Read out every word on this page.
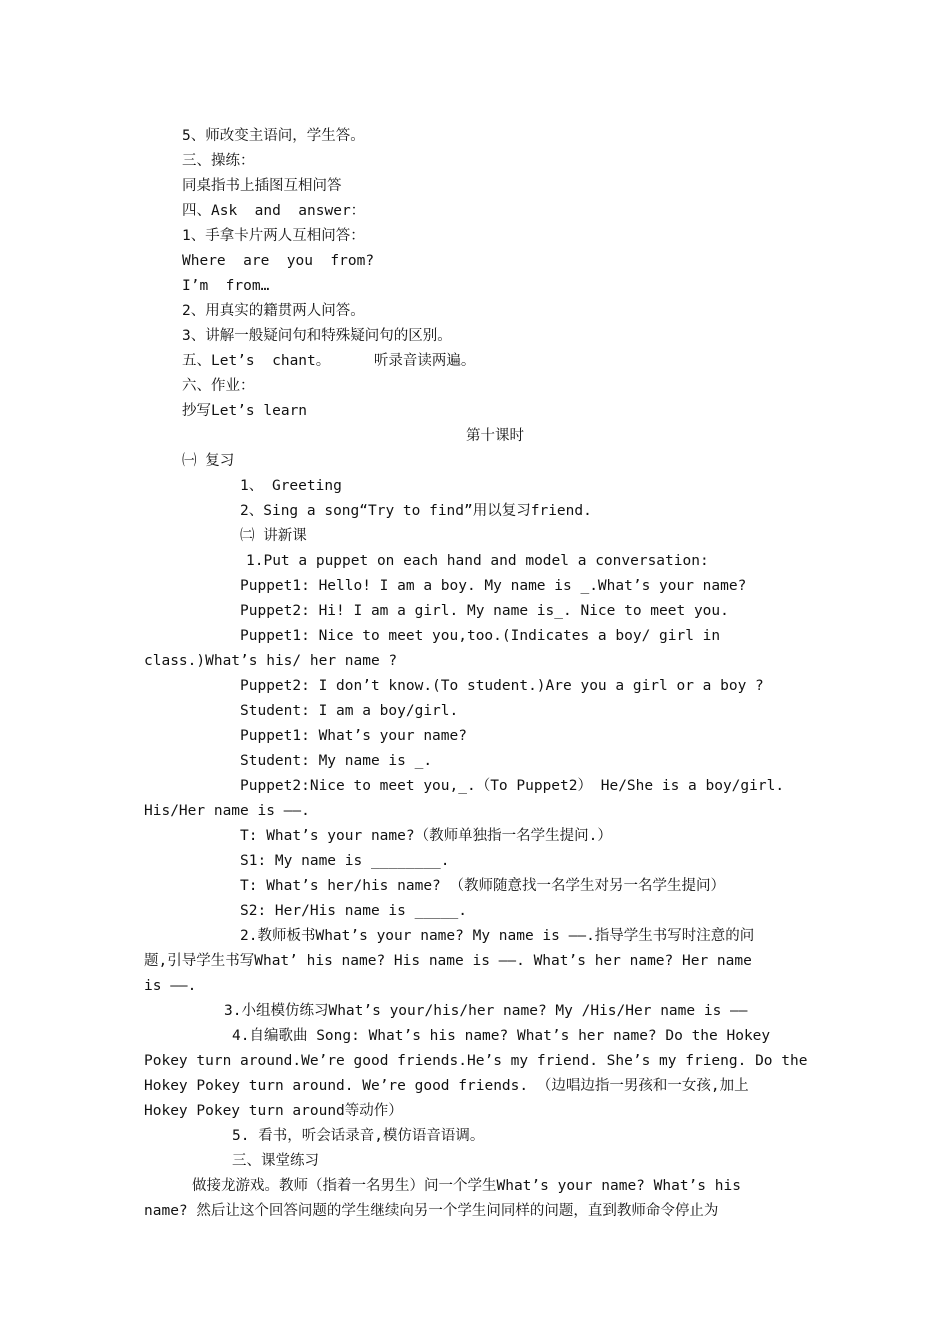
5、师改变主语问，学生答。
三、操练：
同桌指书上插图互相问答
四、Ask  and  answer：
1、手拿卡片两人互相问答：
Where  are  you  from?
I’m  from…
2、用真实的籍贯两人问答。
3、讲解一般疑问句和特殊疑问句的区别。
五、Let’s  chant。     听录音读两遍。
六、作业：
抄写Let’s learn
第十课时
㈠ 复习
1、 Greeting
2、Sing a song“Try to find”用以复习friend.
㈡ 讲新课
1.Put a puppet on each hand and model a conversation:
Puppet1: Hello! I am a boy. My name is _.What’s your name?
Puppet2: Hi! I am a girl. My name is_. Nice to meet you.
Puppet1: Nice to meet you,too.(Indicates a boy/ girl in
class.)What’s his/ her name ?
Puppet2: I don’t know.(To student.)Are you a girl or a boy ?
Student: I am a boy/girl.
Puppet1: What’s your name?
Student: My name is _.
Puppet2:Nice to meet you,_.（To Puppet2） He/She is a boy/girl.
His/Her name is ——.
T: What’s your name?（教师单独指一名学生提问.）
S1: My name is ________.
T: What’s her/his name? （教师随意找一名学生对另一名学生提问）
S2: Her/His name is _____.
2.教师板书What’s your name? My name is ——.指导学生书写时注意的问
题,引导学生书写What’ his name? His name is ——. What’s her name? Her name
is ——.
3.小组模仿练习What’s your/his/her name? My /His/Her name is ——
4.自编歌曲 Song: What’s his name? What’s her name? Do the Hokey
Pokey turn around.We’re good friends.He’s my friend. She’s my frieng. Do the
Hokey Pokey turn around. We’re good friends. （边唱边指一男孩和一女孩,加上
Hokey Pokey turn around等动作）
5. 看书，听会话录音,模仿语音语调。
三、课堂练习
做接龙游戏。教师（指着一名男生）问一个学生What’s your name? What’s his
name? 然后让这个回答问题的学生继续向另一个学生问同样的问题，直到教师命令停止为
